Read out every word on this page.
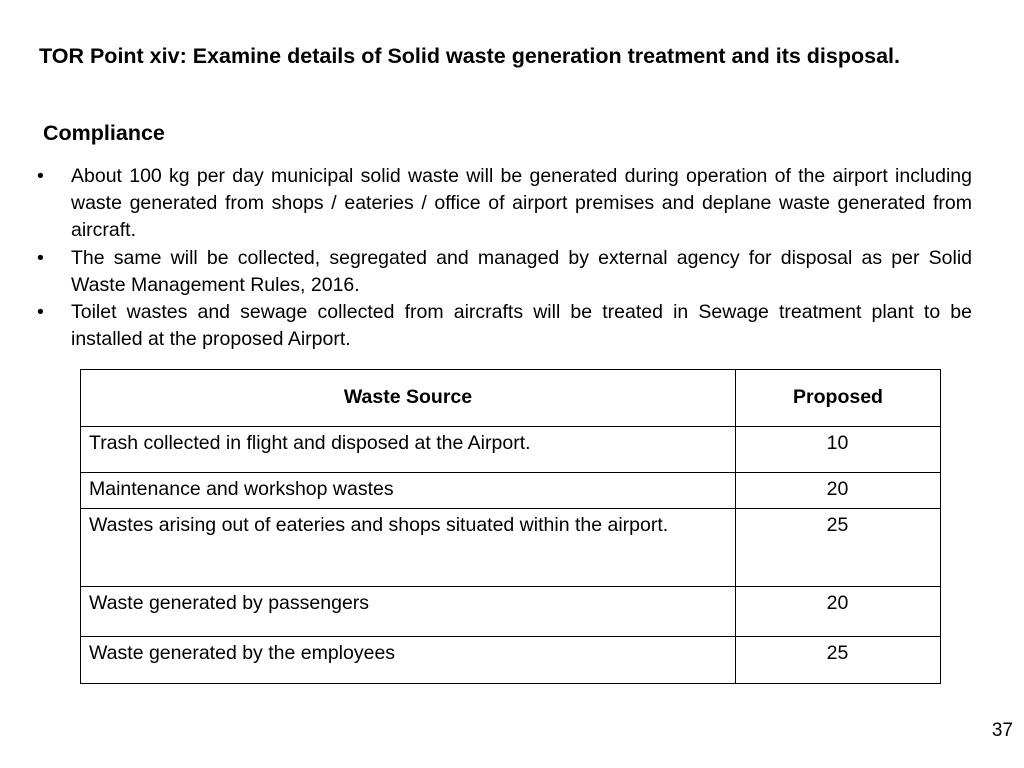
TOR Point xiv: Examine details of Solid waste generation treatment and its disposal.
Compliance
• About 100 kg per day municipal solid waste will be generated during operation of the airport including waste generated from shops / eateries / office of airport premises and deplane waste generated from aircraft.
• The same will be collected, segregated and managed by external agency for disposal as per Solid Waste Management Rules, 2016.
• Toilet wastes and sewage collected from aircrafts will be treated in Sewage treatment plant to be installed at the proposed Airport.
Waste Source	Proposed
Trash collected in flight and disposed at the Airport.	10
Maintenance and workshop wastes	20
Wastes arising out of eateries and shops situated within the airport.	25
Waste generated by passengers	20
Waste generated by the employees	25
37
